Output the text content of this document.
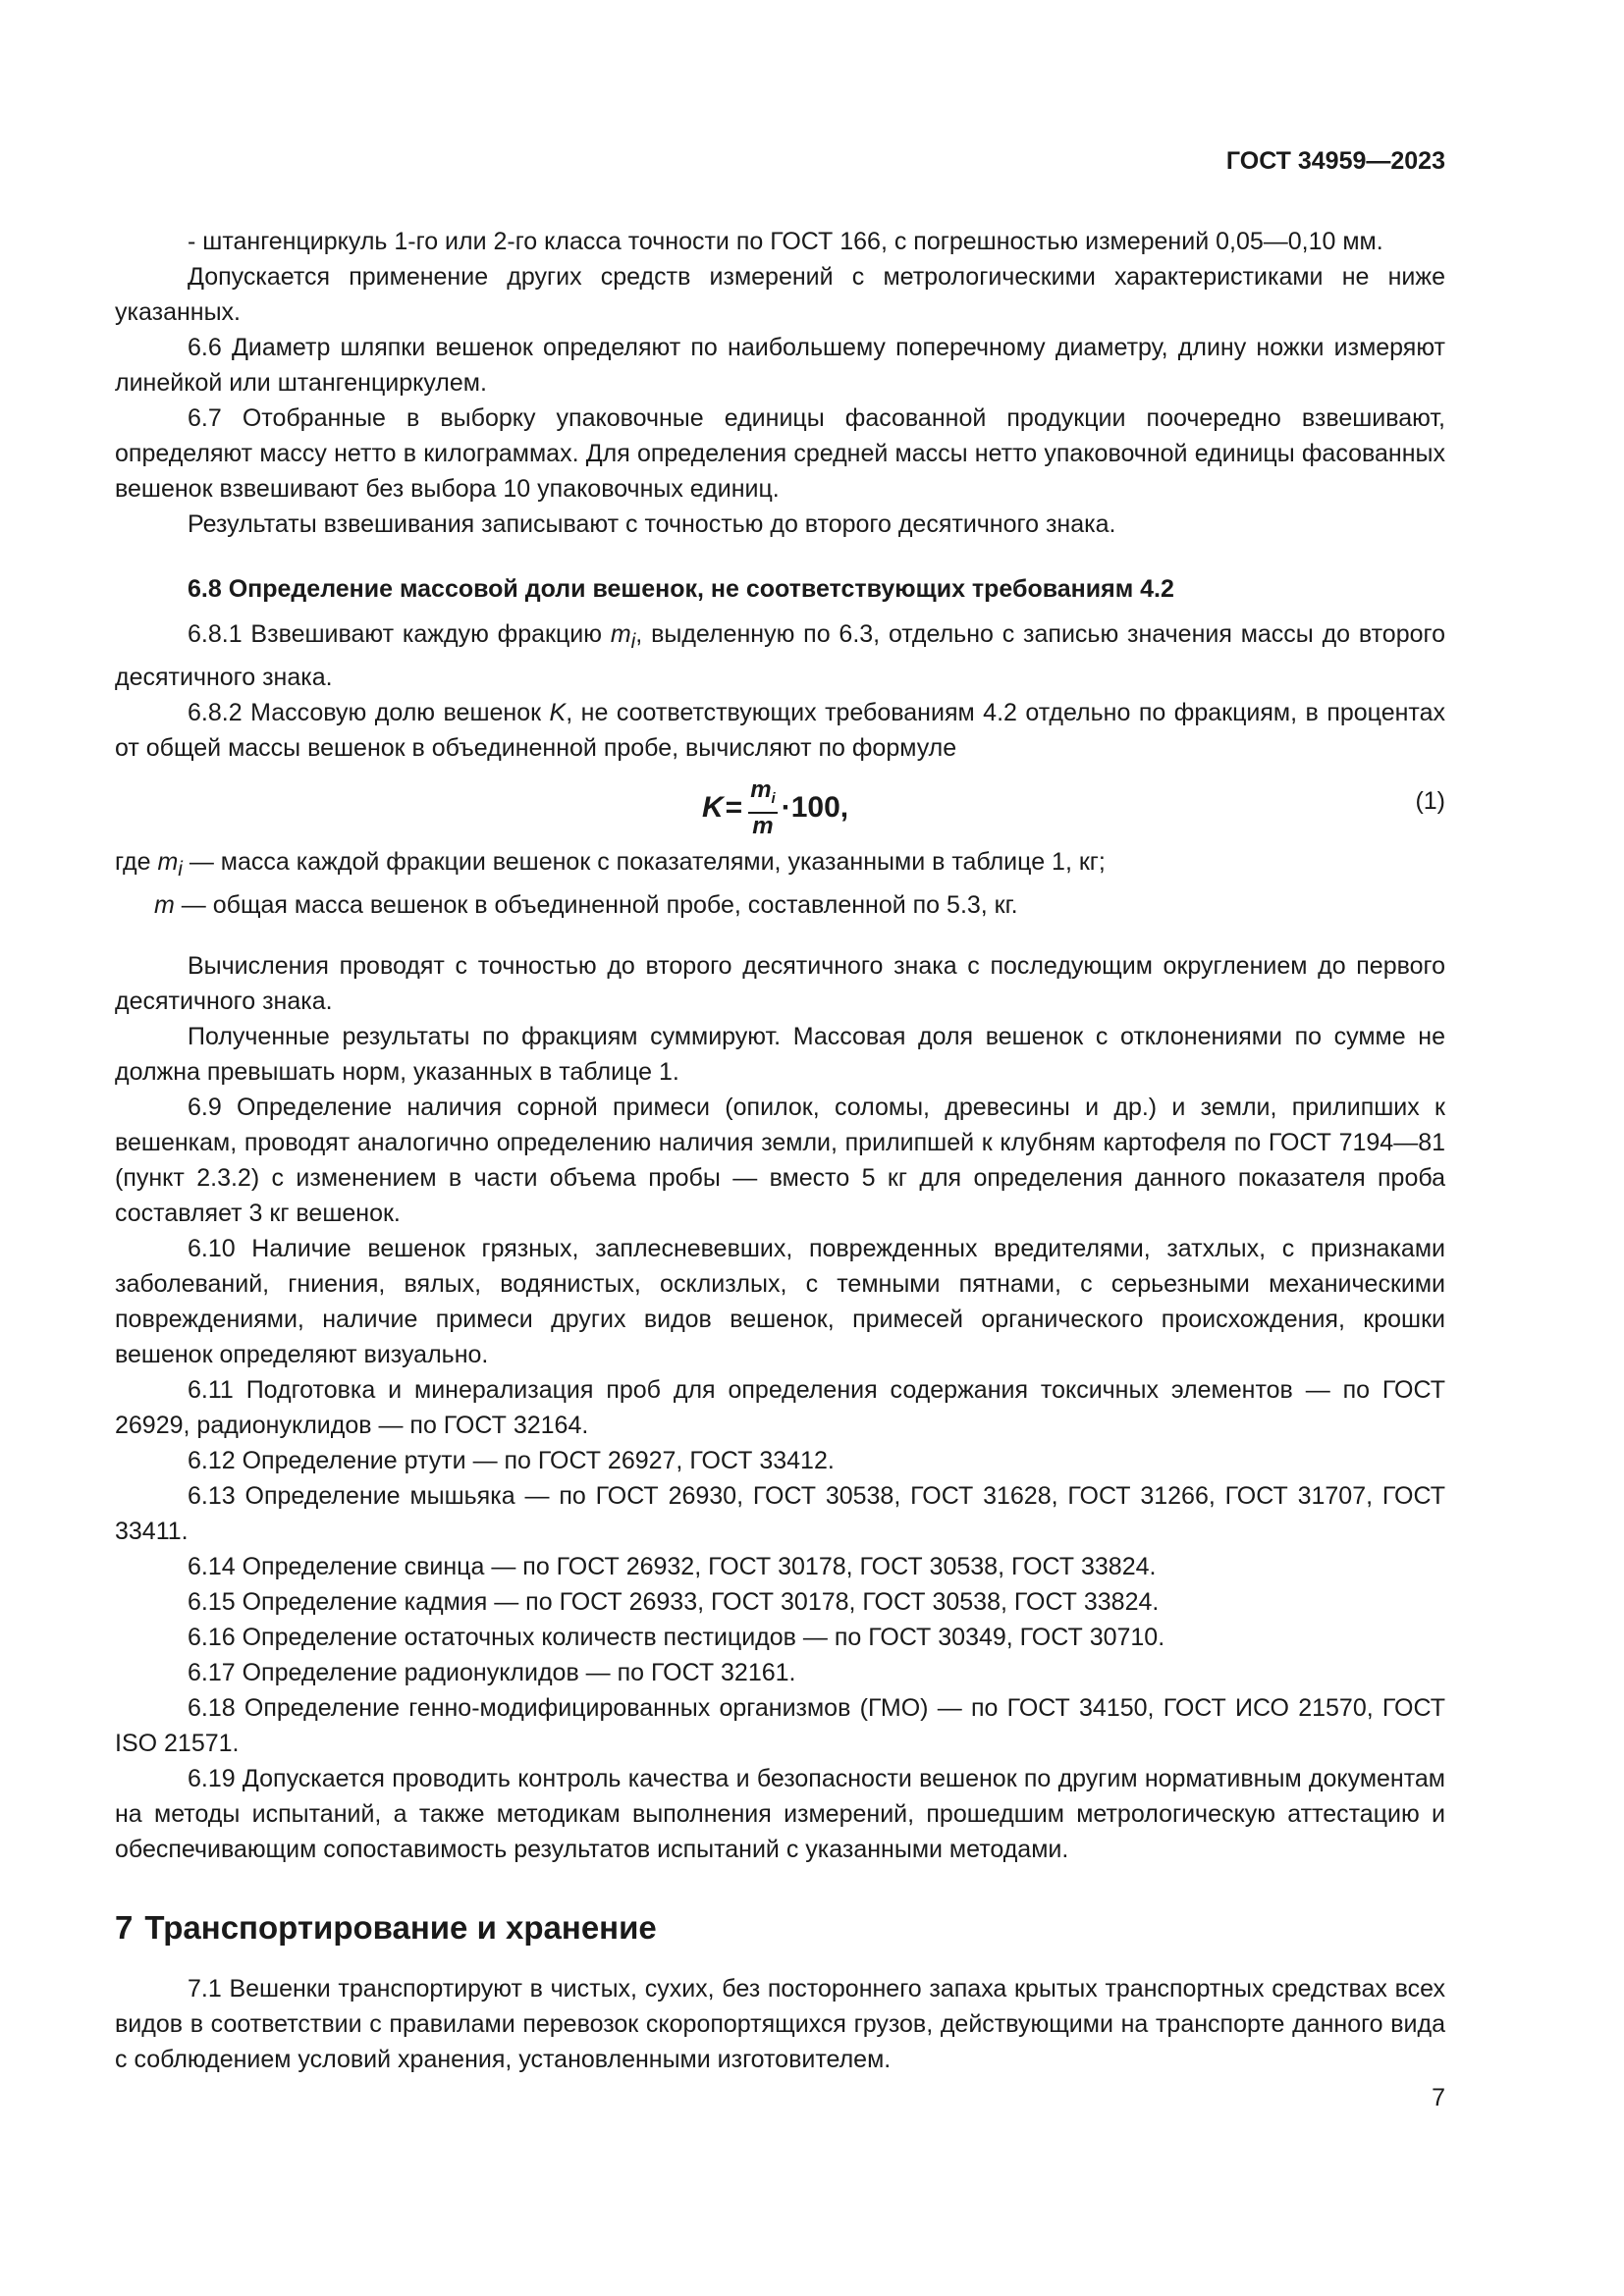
ГОСТ 34959—2023

- штангенциркуль 1-го или 2-го класса точности по ГОСТ 166, с погрешностью измерений 0,05—0,10 мм.

Допускается применение других средств измерений с метрологическими характеристиками не ниже указанных.

6.6 Диаметр шляпки вешенок определяют по наибольшему поперечному диаметру, длину ножки измеряют линейкой или штангенциркулем.

6.7 Отобранные в выборку упаковочные единицы фасованной продукции поочередно взвешивают, определяют массу нетто в килограммах. Для определения средней массы нетто упаковочной единицы фасованных вешенок взвешивают без выбора 10 упаковочных единиц.

Результаты взвешивания записывают с точностью до второго десятичного знака.

6.8 Определение массовой доли вешенок, не соответствующих требованиям 4.2

6.8.1 Взвешивают каждую фракцию $m_i$, выделенную по 6.3, отдельно с записью значения массы до второго десятичного знака.

6.8.2 Массовую долю вешенок K, не соответствующих требованиям 4.2 отдельно по фракциям, в процентах от общей массы вешенок в объединенной пробе, вычисляют по формуле

$K = \frac{m_i}{m} \cdot 100$,	(1)

где $m_i$ — масса каждой фракции вешенок с показателями, указанными в таблице 1, кг;

m — общая масса вешенок в объединенной пробе, составленной по 5.3, кг.

Вычисления проводят с точностью до второго десятичного знака с последующим округлением до первого десятичного знака.

Полученные результаты по фракциям суммируют. Массовая доля вешенок с отклонениями по сумме не должна превышать норм, указанных в таблице 1.

6.9 Определение наличия сорной примеси (опилок, соломы, древесины и др.) и земли, прилипших к вешенкам, проводят аналогично определению наличия земли, прилипшей к клубням картофеля по ГОСТ 7194—81 (пункт 2.3.2) с изменением в части объема пробы — вместо 5 кг для определения данного показателя проба составляет 3 кг вешенок.

6.10 Наличие вешенок грязных, заплесневевших, поврежденных вредителями, затхлых, с признаками заболеваний, гниения, вялых, водянистых, осклизлых, с темными пятнами, с серьезными механическими повреждениями, наличие примеси других видов вешенок, примесей органического происхождения, крошки вешенок определяют визуально.

6.11 Подготовка и минерализация проб для определения содержания токсичных элементов — по ГОСТ 26929, радионуклидов — по ГОСТ 32164.

6.12 Определение ртути — по ГОСТ 26927, ГОСТ 33412.

6.13 Определение мышьяка — по ГОСТ 26930, ГОСТ 30538, ГОСТ 31628, ГОСТ 31266, ГОСТ 31707, ГОСТ 33411.

6.14 Определение свинца — по ГОСТ 26932, ГОСТ 30178, ГОСТ 30538, ГОСТ 33824.

6.15 Определение кадмия — по ГОСТ 26933, ГОСТ 30178, ГОСТ 30538, ГОСТ 33824.

6.16 Определение остаточных количеств пестицидов — по ГОСТ 30349, ГОСТ 30710.

6.17 Определение радионуклидов — по ГОСТ 32161.

6.18 Определение генно-модифицированных организмов (ГМО) — по ГОСТ 34150, ГОСТ ИСО 21570, ГОСТ ISO 21571.

6.19 Допускается проводить контроль качества и безопасности вешенок по другим нормативным документам на методы испытаний, а также методикам выполнения измерений, прошедшим метрологическую аттестацию и обеспечивающим сопоставимость результатов испытаний с указанными методами.

7 Транспортирование и хранение

7.1 Вешенки транспортируют в чистых, сухих, без постороннего запаха крытых транспортных средствах всех видов в соответствии с правилами перевозок скоропортящихся грузов, действующими на транспорте данного вида с соблюдением условий хранения, установленными изготовителем.

7
